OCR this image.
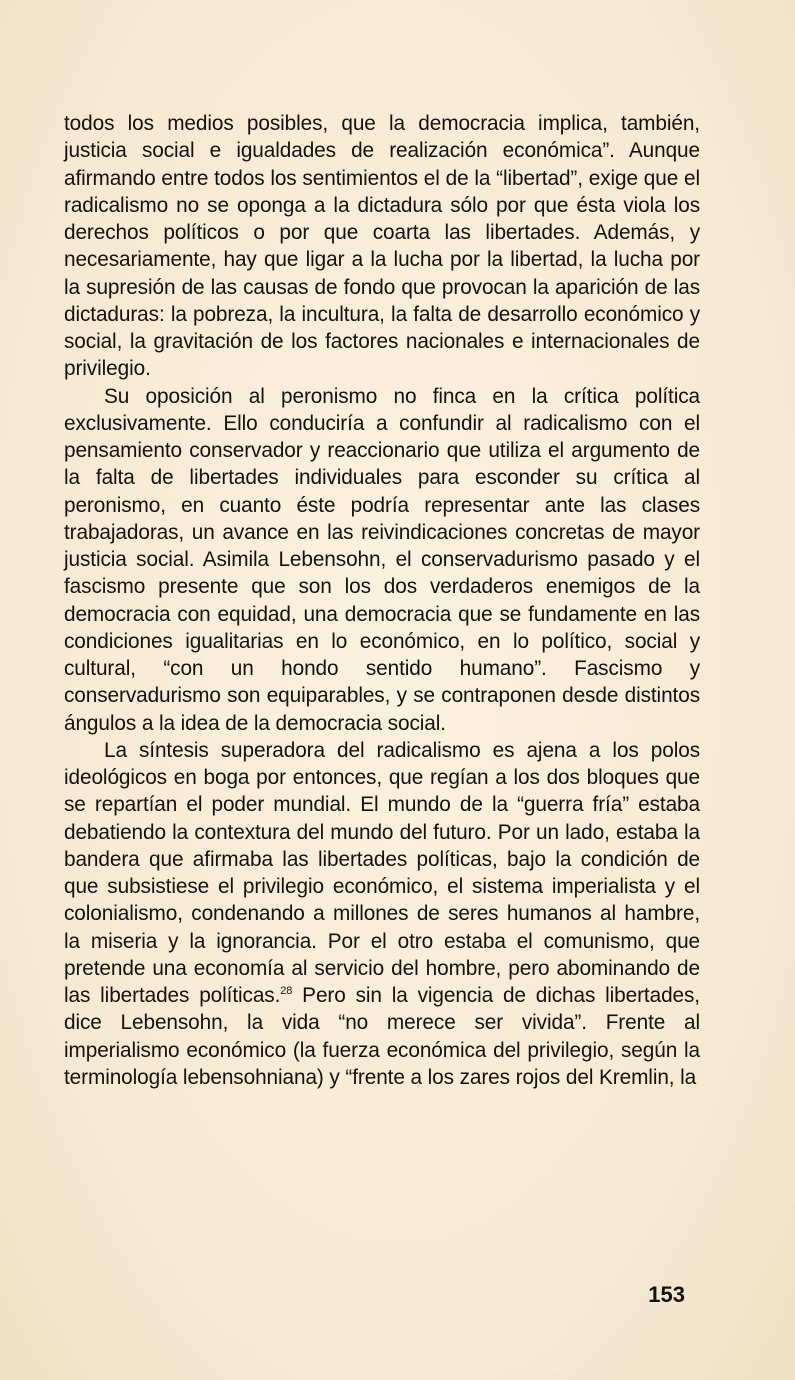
todos los medios posibles, que la democracia implica, también, justicia social e igualdades de realización económica”. Aunque afirmando entre todos los sentimientos el de la “libertad”, exige que el radicalismo no se oponga a la dictadura sólo por que ésta viola los derechos políticos o por que coarta las libertades. Además, y necesariamente, hay que ligar a la lucha por la libertad, la lucha por la supresión de las causas de fondo que provocan la aparición de las dictaduras: la pobreza, la incultura, la falta de desarrollo económico y social, la gravitación de los factores nacionales e internacionales de privilegio.

Su oposición al peronismo no finca en la crítica política exclusivamente. Ello conduciría a confundir al radicalismo con el pensamiento conservador y reaccionario que utiliza el argumento de la falta de libertades individuales para esconder su crítica al peronismo, en cuanto éste podría representar ante las clases trabajadoras, un avance en las reivindicaciones concretas de mayor justicia social. Asimila Lebensohn, el conservadurismo pasado y el fascismo presente que son los dos verdaderos enemigos de la democracia con equidad, una democracia que se fundamente en las condiciones igualitarias en lo económico, en lo político, social y cultural, “con un hondo sentido humano”. Fascismo y conservadurismo son equiparables, y se contraponen desde distintos ángulos a la idea de la democracia social.

La síntesis superadora del radicalismo es ajena a los polos ideológicos en boga por entonces, que regían a los dos bloques que se repartían el poder mundial. El mundo de la “guerra fría” estaba debatiendo la contextura del mundo del futuro. Por un lado, estaba la bandera que afirmaba las libertades políticas, bajo la condición de que subsistiese el privilegio económico, el sistema imperialista y el colonialismo, condenando a millones de seres humanos al hambre, la miseria y la ignorancia. Por el otro estaba el comunismo, que pretende una economía al servicio del hombre, pero abominando de las libertades políticas.$^{28}$ Pero sin la vigencia de dichas libertades, dice Lebensohn, la vida “no merece ser vivida”. Frente al imperialismo económico (la fuerza económica del privilegio, según la terminología lebensohniana) y “frente a los zares rojos del Kremlin, la

153
